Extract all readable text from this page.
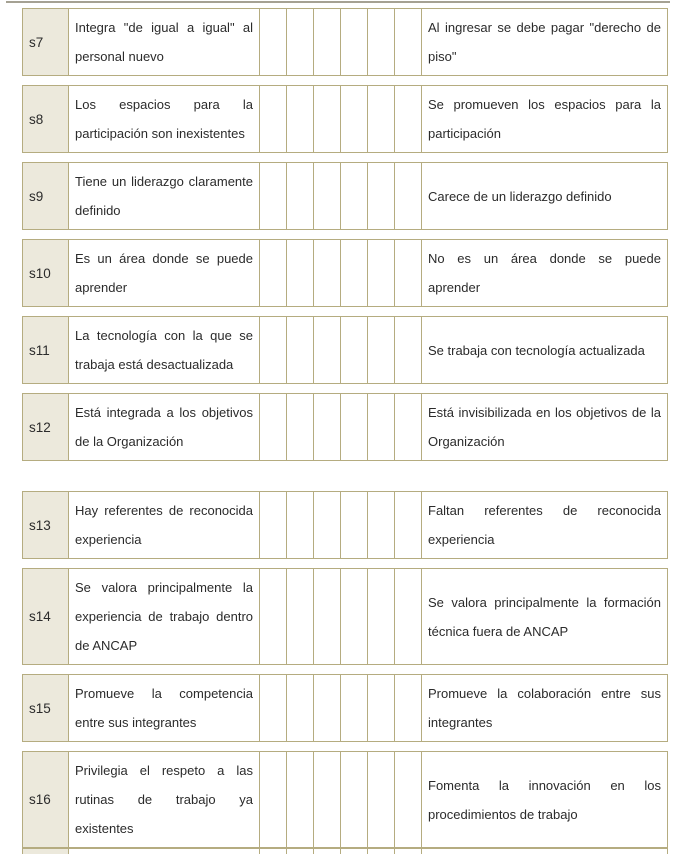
s7
Integra "de igual a igual" al personal nuevo
Al ingresar se debe pagar "derecho de piso"
s8
Los espacios para la participación son inexistentes
Se promueven los espacios para la participación
s9
Tiene un liderazgo claramente definido
Carece de un liderazgo definido
s10
Es un área donde se puede aprender
No es un área donde se puede aprender
s11
La tecnología con la que se trabaja está desactualizada
Se trabaja con tecnología actualizada
s12
Está integrada a los objetivos de la Organización
Está invisibilizada en los objetivos de la Organización
s13
Hay referentes de reconocida experiencia
Faltan referentes de reconocida experiencia
s14
Se valora principalmente la experiencia de trabajo dentro de ANCAP
Se valora principalmente la formación técnica fuera de ANCAP
s15
Promueve la competencia entre sus integrantes
Promueve la colaboración entre sus integrantes
s16
Privilegia el respeto a las rutinas de trabajo ya existentes
Fomenta la innovación en los procedimientos de trabajo
